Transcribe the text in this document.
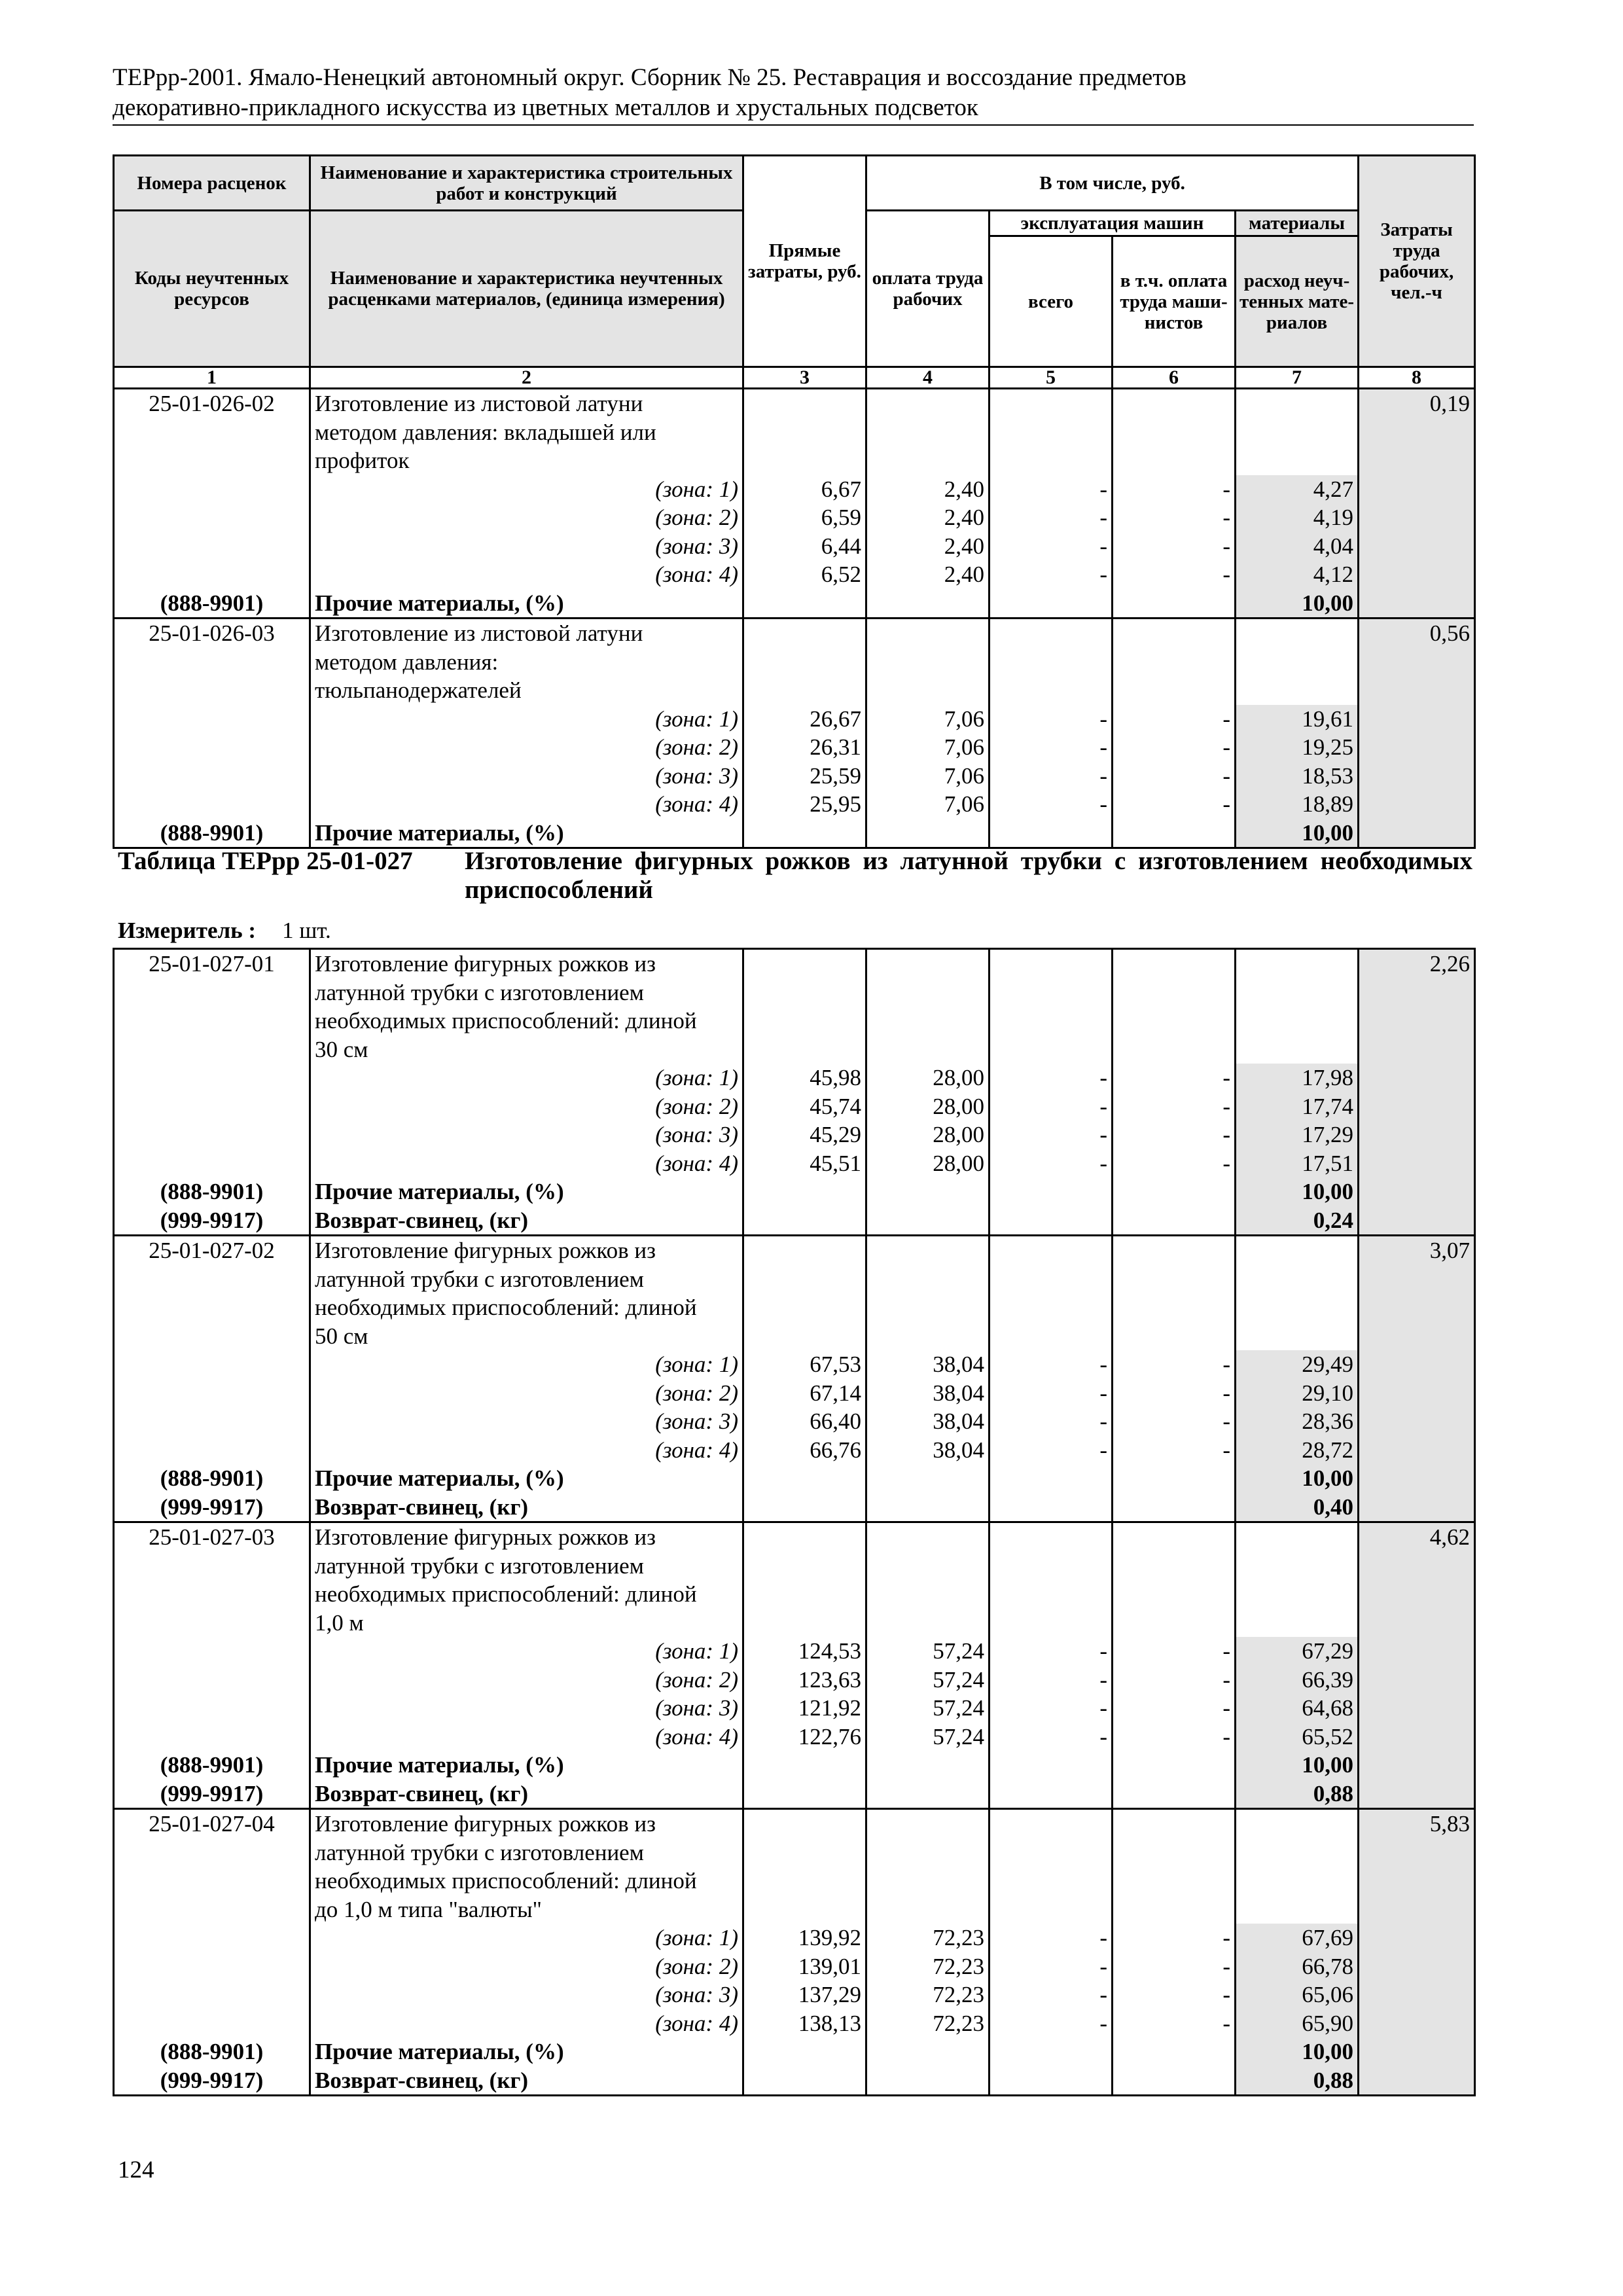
ТЕРрр-2001. Ямало-Ненецкий автономный округ. Сборник № 25. Реставрация и воссоздание предметов
декоративно-прикладного искусства из цветных металлов и хрустальных подсветок
Номера расценок	Наименование и характеристика строительных работ и конструкций	Прямые затраты, руб.	В том числе, руб.				Затраты труда рабочих, чел.-ч
Коды неучтенных ресурсов	Наименование и характеристика неучтенных расценками материалов, (единица измерения)		оплата труда рабочих	эксплуатация машин		материалы	
				всего	в т.ч. оплата труда маши-нистов	расход неуч-тенных мате-риалов	
1	2	3	4	5	6	7	8
25-01-026-02	Изготовление из листовой латуни						0,19
	методом давления: вкладышей или						
	профиток						
	(зона: 1)	6,67	2,40	-	-	4,27	
	(зона: 2)	6,59	2,40	-	-	4,19	
	(зона: 3)	6,44	2,40	-	-	4,04	
	(зона: 4)	6,52	2,40	-	-	4,12	
(888-9901)	Прочие материалы, (%)					10,00	
25-01-026-03	Изготовление из листовой латуни						0,56
	методом давления:						
	тюльпанодержателей						
	(зона: 1)	26,67	7,06	-	-	19,61	
	(зона: 2)	26,31	7,06	-	-	19,25	
	(зона: 3)	25,59	7,06	-	-	18,53	
	(зона: 4)	25,95	7,06	-	-	18,89	
(888-9901)	Прочие материалы, (%)					10,00	
Таблица ТЕРрр 25-01-027 Изготовление фигурных рожков из латунной трубки с изготовлением необходимых приспособлений
Измеритель : 1 шт.
25-01-027-01	Изготовление фигурных рожков из						2,26
	латунной трубки с изготовлением						
	необходимых приспособлений: длиной						
	30 см						
	(зона: 1)	45,98	28,00	-	-	17,98	
	(зона: 2)	45,74	28,00	-	-	17,74	
	(зона: 3)	45,29	28,00	-	-	17,29	
	(зона: 4)	45,51	28,00	-	-	17,51	
(888-9901)	Прочие материалы, (%)					10,00	
(999-9917)	Возврат-свинец, (кг)					0,24	
25-01-027-02	Изготовление фигурных рожков из						3,07
	латунной трубки с изготовлением						
	необходимых приспособлений: длиной						
	50 см						
	(зона: 1)	67,53	38,04	-	-	29,49	
	(зона: 2)	67,14	38,04	-	-	29,10	
	(зона: 3)	66,40	38,04	-	-	28,36	
	(зона: 4)	66,76	38,04	-	-	28,72	
(888-9901)	Прочие материалы, (%)					10,00	
(999-9917)	Возврат-свинец, (кг)					0,40	
25-01-027-03	Изготовление фигурных рожков из						4,62
	латунной трубки с изготовлением						
	необходимых приспособлений: длиной						
	1,0 м						
	(зона: 1)	124,53	57,24	-	-	67,29	
	(зона: 2)	123,63	57,24	-	-	66,39	
	(зона: 3)	121,92	57,24	-	-	64,68	
	(зона: 4)	122,76	57,24	-	-	65,52	
(888-9901)	Прочие материалы, (%)					10,00	
(999-9917)	Возврат-свинец, (кг)					0,88	
25-01-027-04	Изготовление фигурных рожков из						5,83
	латунной трубки с изготовлением						
	необходимых приспособлений: длиной						
	до 1,0 м типа "валюты"						
	(зона: 1)	139,92	72,23	-	-	67,69	
	(зона: 2)	139,01	72,23	-	-	66,78	
	(зона: 3)	137,29	72,23	-	-	65,06	
	(зона: 4)	138,13	72,23	-	-	65,90	
(888-9901)	Прочие материалы, (%)					10,00	
(999-9917)	Возврат-свинец, (кг)					0,88	
124
